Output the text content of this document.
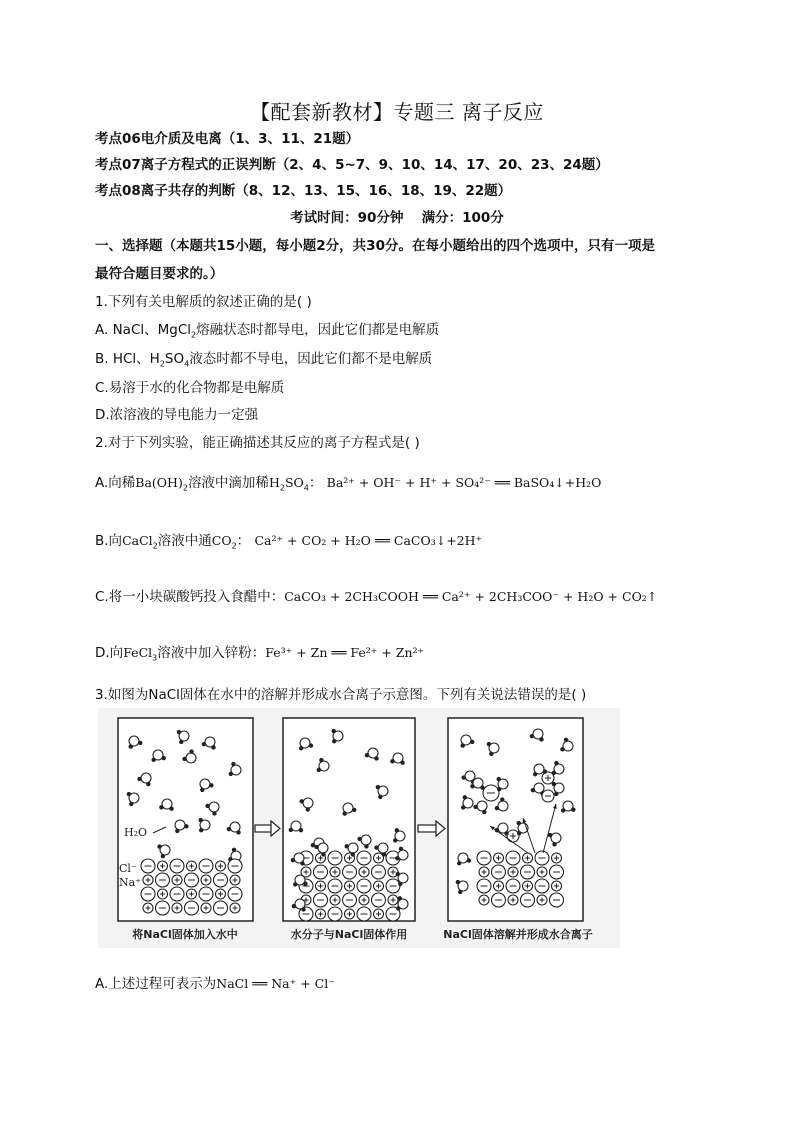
【配套新教材】专题三 离子反应
考点06电介质及电离（1、3、11、21题）
考点07离子方程式的正误判断（2、4、5~7、9、10、14、17、20、23、24题）
考点08离子共存的判断（8、12、13、15、16、18、19、22题）
考试时间：90分钟　 满分：100分
一、选择题（本题共15小题，每小题2分，共30分。在每小题给出的四个选项中，只有一项是
最符合题目要求的。）
1.下列有关电解质的叙述正确的是( )
A. NaCl、MgCl$_2$熔融状态时都导电，因此它们都是电解质
B. HCl、$H_2SO_4$液态时都不导电，因此它们都不是电解质
C.易溶于水的化合物都是电解质
D.浓溶液的导电能力一定强
2.对于下列实验，能正确描述其反应的离子方程式是( )
A.向稀$Ba(OH)_2$溶液中滴加稀$H_2SO_4$： Ba²⁺ + OH⁻ + H⁺ + SO₄²⁻ ══ BaSO₄↓+H₂O
B.向CaCl$_2$溶液中通$CO_2$： Ca²⁺ + CO₂ + H₂O ══ CaCO₃↓+2H⁺
C.将一小块碳酸钙投入食醋中：CaCO₃ + 2CH₃COOH ══ Ca²⁺ + 2CH₃COO⁻ + H₂O + CO₂↑
D.向FeCl$_3$溶液中加入锌粉：Fe³⁺ + Zn ══ Fe²⁺ + Zn²⁺
3.如图为NaCl固体在水中的溶解并形成水合离子示意图。下列有关说法错误的是( )
H₂O
Cl⁻
Na⁺
将NaCl固体加入水中	水分子与NaCl固体作用	NaCl固体溶解并形成水合离子
A.上述过程可表示为NaCl ══ Na⁺ + Cl⁻
